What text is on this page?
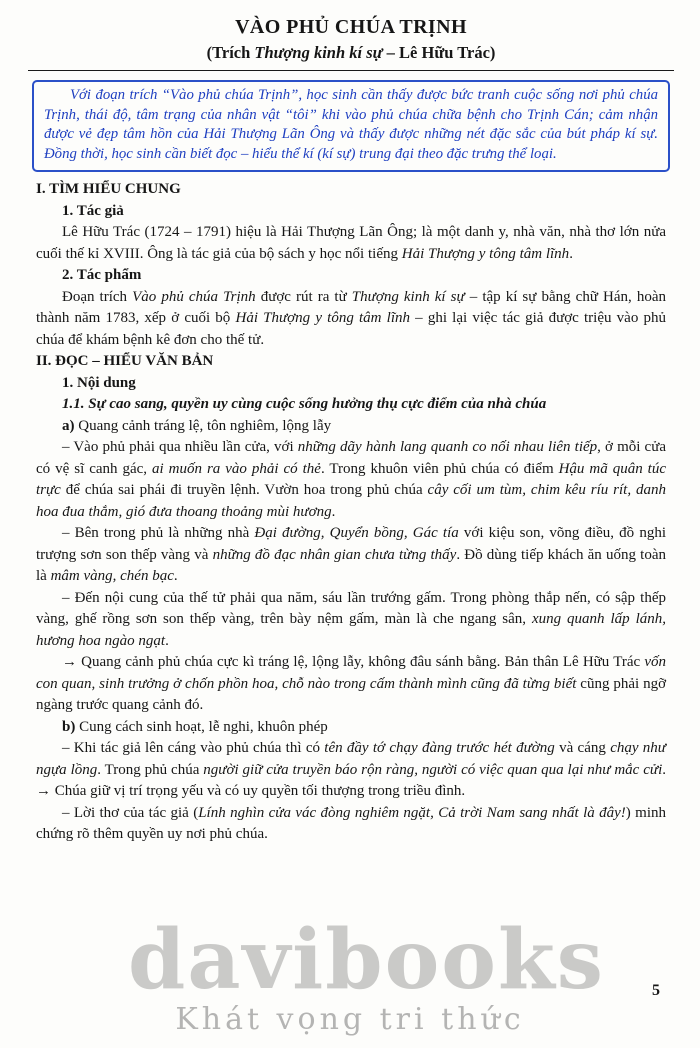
VÀO PHỦ CHÚA TRỊNH
(Trích Thượng kinh kí sự – Lê Hữu Trác)

Với đoạn trích “Vào phủ chúa Trịnh”, học sinh cần thấy được bức tranh cuộc sống nơi phủ chúa Trịnh, thái độ, tâm trạng của nhân vật “tôi” khi vào phủ chúa chữa bệnh cho Trịnh Cán; cảm nhận được vẻ đẹp tâm hồn của Hải Thượng Lãn Ông và thấy được những nét đặc sắc của bút pháp kí sự. Đồng thời, học sinh cần biết đọc – hiểu thể kí (kí sự) trung đại theo đặc trưng thể loại.

I. TÌM HIỂU CHUNG
1. Tác giả
Lê Hữu Trác (1724 – 1791) hiệu là Hải Thượng Lãn Ông; là một danh y, nhà văn, nhà thơ lớn nửa cuối thế kỉ XVIII. Ông là tác giả của bộ sách y học nổi tiếng Hải Thượng y tông tâm lĩnh.
2. Tác phẩm
Đoạn trích Vào phủ chúa Trịnh được rút ra từ Thượng kinh kí sự – tập kí sự bằng chữ Hán, hoàn thành năm 1783, xếp ở cuối bộ Hải Thượng y tông tâm lĩnh – ghi lại việc tác giả được triệu vào phủ chúa để khám bệnh kê đơn cho thế tử.
II. ĐỌC – HIỂU VĂN BẢN
1. Nội dung
1.1. Sự cao sang, quyền uy cùng cuộc sống hưởng thụ cực điểm của nhà chúa
a) Quang cảnh tráng lệ, tôn nghiêm, lộng lẫy
– Vào phủ phải qua nhiều lần cửa, với những dãy hành lang quanh co nối nhau liên tiếp, ở mỗi cửa có vệ sĩ canh gác, ai muốn ra vào phải có thẻ. Trong khuôn viên phủ chúa có điểm Hậu mã quân túc trực để chúa sai phái đi truyền lệnh. Vườn hoa trong phủ chúa cây cối um tùm, chim kêu ríu rít, danh hoa đua thắm, gió đưa thoang thoảng mùi hương.
– Bên trong phủ là những nhà Đại đường, Quyển bồng, Gác tía với kiệu son, võng điều, đồ nghi trượng sơn son thếp vàng và những đồ đạc nhân gian chưa từng thấy. Đồ dùng tiếp khách ăn uống toàn là mâm vàng, chén bạc.
– Đến nội cung của thế tử phải qua năm, sáu lần trướng gấm. Trong phòng thắp nến, có sập thếp vàng, ghế rồng sơn son thếp vàng, trên bày nệm gấm, màn là che ngang sân, xung quanh lấp lánh, hương hoa ngào ngạt.
→ Quang cảnh phủ chúa cực kì tráng lệ, lộng lẫy, không đâu sánh bằng. Bản thân Lê Hữu Trác vốn con quan, sinh trưởng ở chốn phồn hoa, chỗ nào trong cấm thành mình cũng đã từng biết cũng phải ngỡ ngàng trước quang cảnh đó.
b) Cung cách sinh hoạt, lễ nghi, khuôn phép
– Khi tác giả lên cáng vào phủ chúa thì có tên đầy tớ chạy đàng trước hét đường và cáng chạy như ngựa lồng. Trong phủ chúa người giữ cửa truyền báo rộn ràng, người có việc quan qua lại như mắc cửi. → Chúa giữ vị trí trọng yếu và có uy quyền tối thượng trong triều đình.
– Lời thơ của tác giả (Lính nghìn cửa vác đòng nghiêm ngặt, Cả trời Nam sang nhất là đây!) minh chứng rõ thêm quyền uy nơi phủ chúa.
davibooks
Khát vọng tri thức
5
